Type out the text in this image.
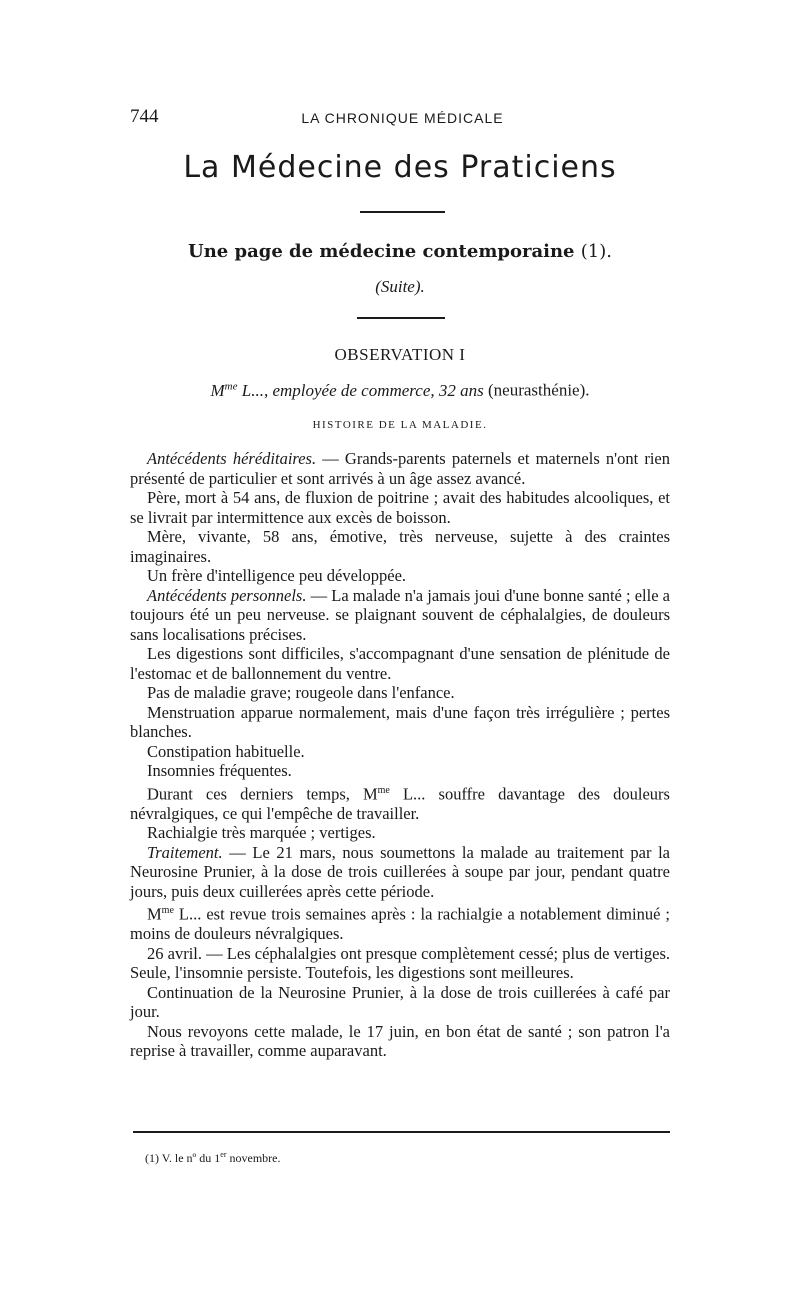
744	LA CHRONIQUE MÉDICALE
La Médecine des Praticiens
Une page de médecine contemporaine (1).
(Suite).
OBSERVATION I
$M^{me}$ L..., employée de commerce, 32 ans (neurasthénie).
HISTOIRE DE LA MALADIE.

Antécédents héréditaires. — Grands-parents paternels et maternels n'ont rien présenté de particulier et sont arrivés à un âge assez avancé.

Père, mort à 54 ans, de fluxion de poitrine ; avait des habitudes alcooliques, et se livrait par intermittence aux excès de boisson.

Mère, vivante, 58 ans, émotive, très nerveuse, sujette à des craintes imaginaires.

Un frère d'intelligence peu développée.

Antécédents personnels. — La malade n'a jamais joui d'une bonne santé ; elle a toujours été un peu nerveuse. se plaignant souvent de céphalalgies, de douleurs sans localisations précises.

Les digestions sont difficiles, s'accompagnant d'une sensation de plénitude de l'estomac et de ballonnement du ventre.

Pas de maladie grave; rougeole dans l'enfance.

Menstruation apparue normalement, mais d'une façon très irrégulière ; pertes blanches.

Constipation habituelle.

Insomnies fréquentes.

Durant ces derniers temps, $M^{me}$ L... souffre davantage des douleurs névralgiques, ce qui l'empêche de travailler.

Rachialgie très marquée ; vertiges.

Traitement. — Le 21 mars, nous soumettons la malade au traitement par la Neurosine Prunier, à la dose de trois cuillerées à soupe par jour, pendant quatre jours, puis deux cuillerées après cette période.

$M^{me}$ L... est revue trois semaines après : la rachialgie a notablement diminué ; moins de douleurs névralgiques.

26 avril. — Les céphalalgies ont presque complètement cessé; plus de vertiges. Seule, l'insomnie persiste. Toutefois, les digestions sont meilleures.

Continuation de la Neurosine Prunier, à la dose de trois cuillerées à café par jour.

Nous revoyons cette malade, le 17 juin, en bon état de santé ; son patron l'a reprise à travailler, comme auparavant.

(1) V. le nº du 1er novembre.
